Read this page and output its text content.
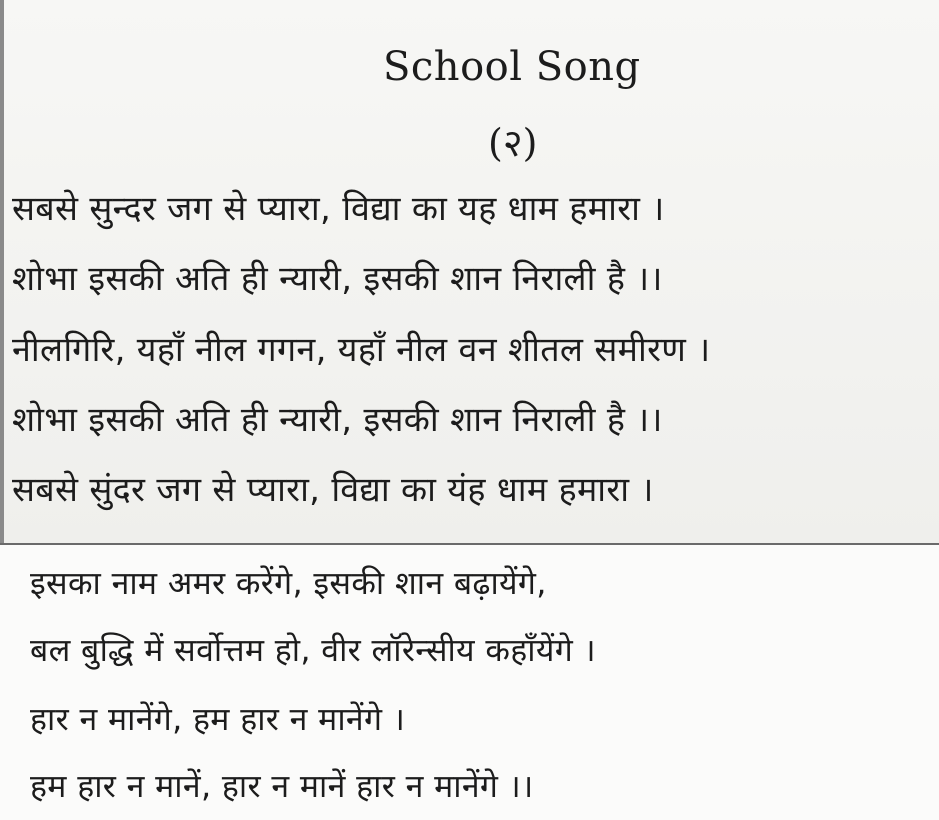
School Song
(२)
सबसे सुन्दर जग से प्यारा, विद्या का यह धाम हमारा ।
शोभा इसकी अति ही न्यारी, इसकी शान निराली है ।।
नीलगिरि, यहाँ नील गगन, यहाँ नील वन शीतल समीरण ।
शोभा इसकी अति ही न्यारी, इसकी शान निराली है ।।
सबसे सुंदर जग से प्यारा, विद्या का यंह धाम हमारा ।
इसका नाम अमर करेंगे, इसकी शान बढ़ायेंगे,
बल बुद्धि में सर्वोत्तम हो, वीर लॉरेन्सीय कहाँयेंगे ।
हार न मानेंगे, हम हार न मानेंगे ।
हम हार न मानें, हार न मानें हार न मानेंगे ।।
